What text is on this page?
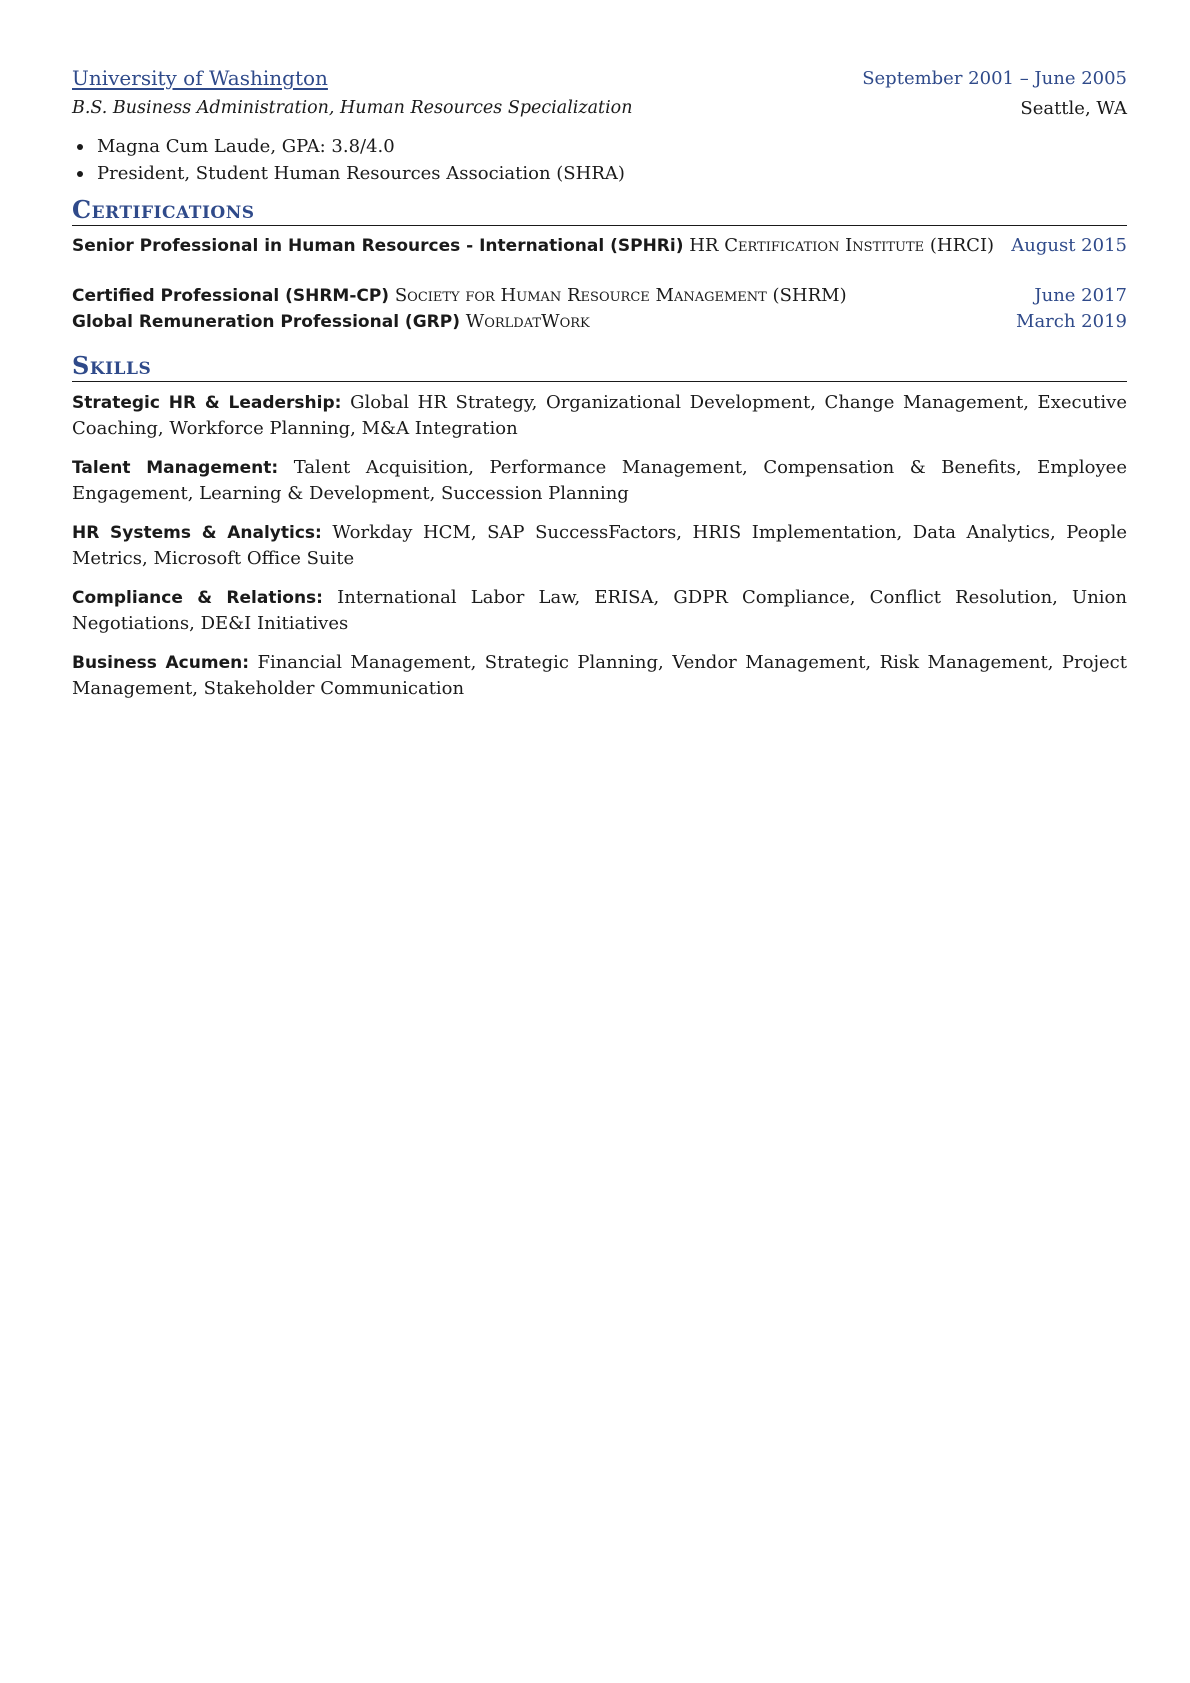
University of Washington	September 2001 – June 2005
B.S. Business Administration, Human Resources Specialization	Seattle, WA
Magna Cum Laude, GPA: 3.8/4.0
President, Student Human Resources Association (SHRA)
Certifications
Senior Professional in Human Resources - International (SPHRi) HR Certification Institute (HRCI) August 2015
Certified Professional (SHRM-CP) Society for Human Resource Management (SHRM)	June 2017
Global Remuneration Professional (GRP) WorldatWork	March 2019
Skills
Strategic HR & Leadership: Global HR Strategy, Organizational Development, Change Management, Executive Coaching, Workforce Planning, M&A Integration
Talent Management: Talent Acquisition, Performance Management, Compensation & Benefits, Employee Engagement, Learning & Development, Succession Planning
HR Systems & Analytics: Workday HCM, SAP SuccessFactors, HRIS Implementation, Data Analytics, People Metrics, Microsoft Office Suite
Compliance & Relations: International Labor Law, ERISA, GDPR Compliance, Conflict Resolution, Union Negotiations, DE&I Initiatives
Business Acumen: Financial Management, Strategic Planning, Vendor Management, Risk Management, Project Management, Stakeholder Communication
